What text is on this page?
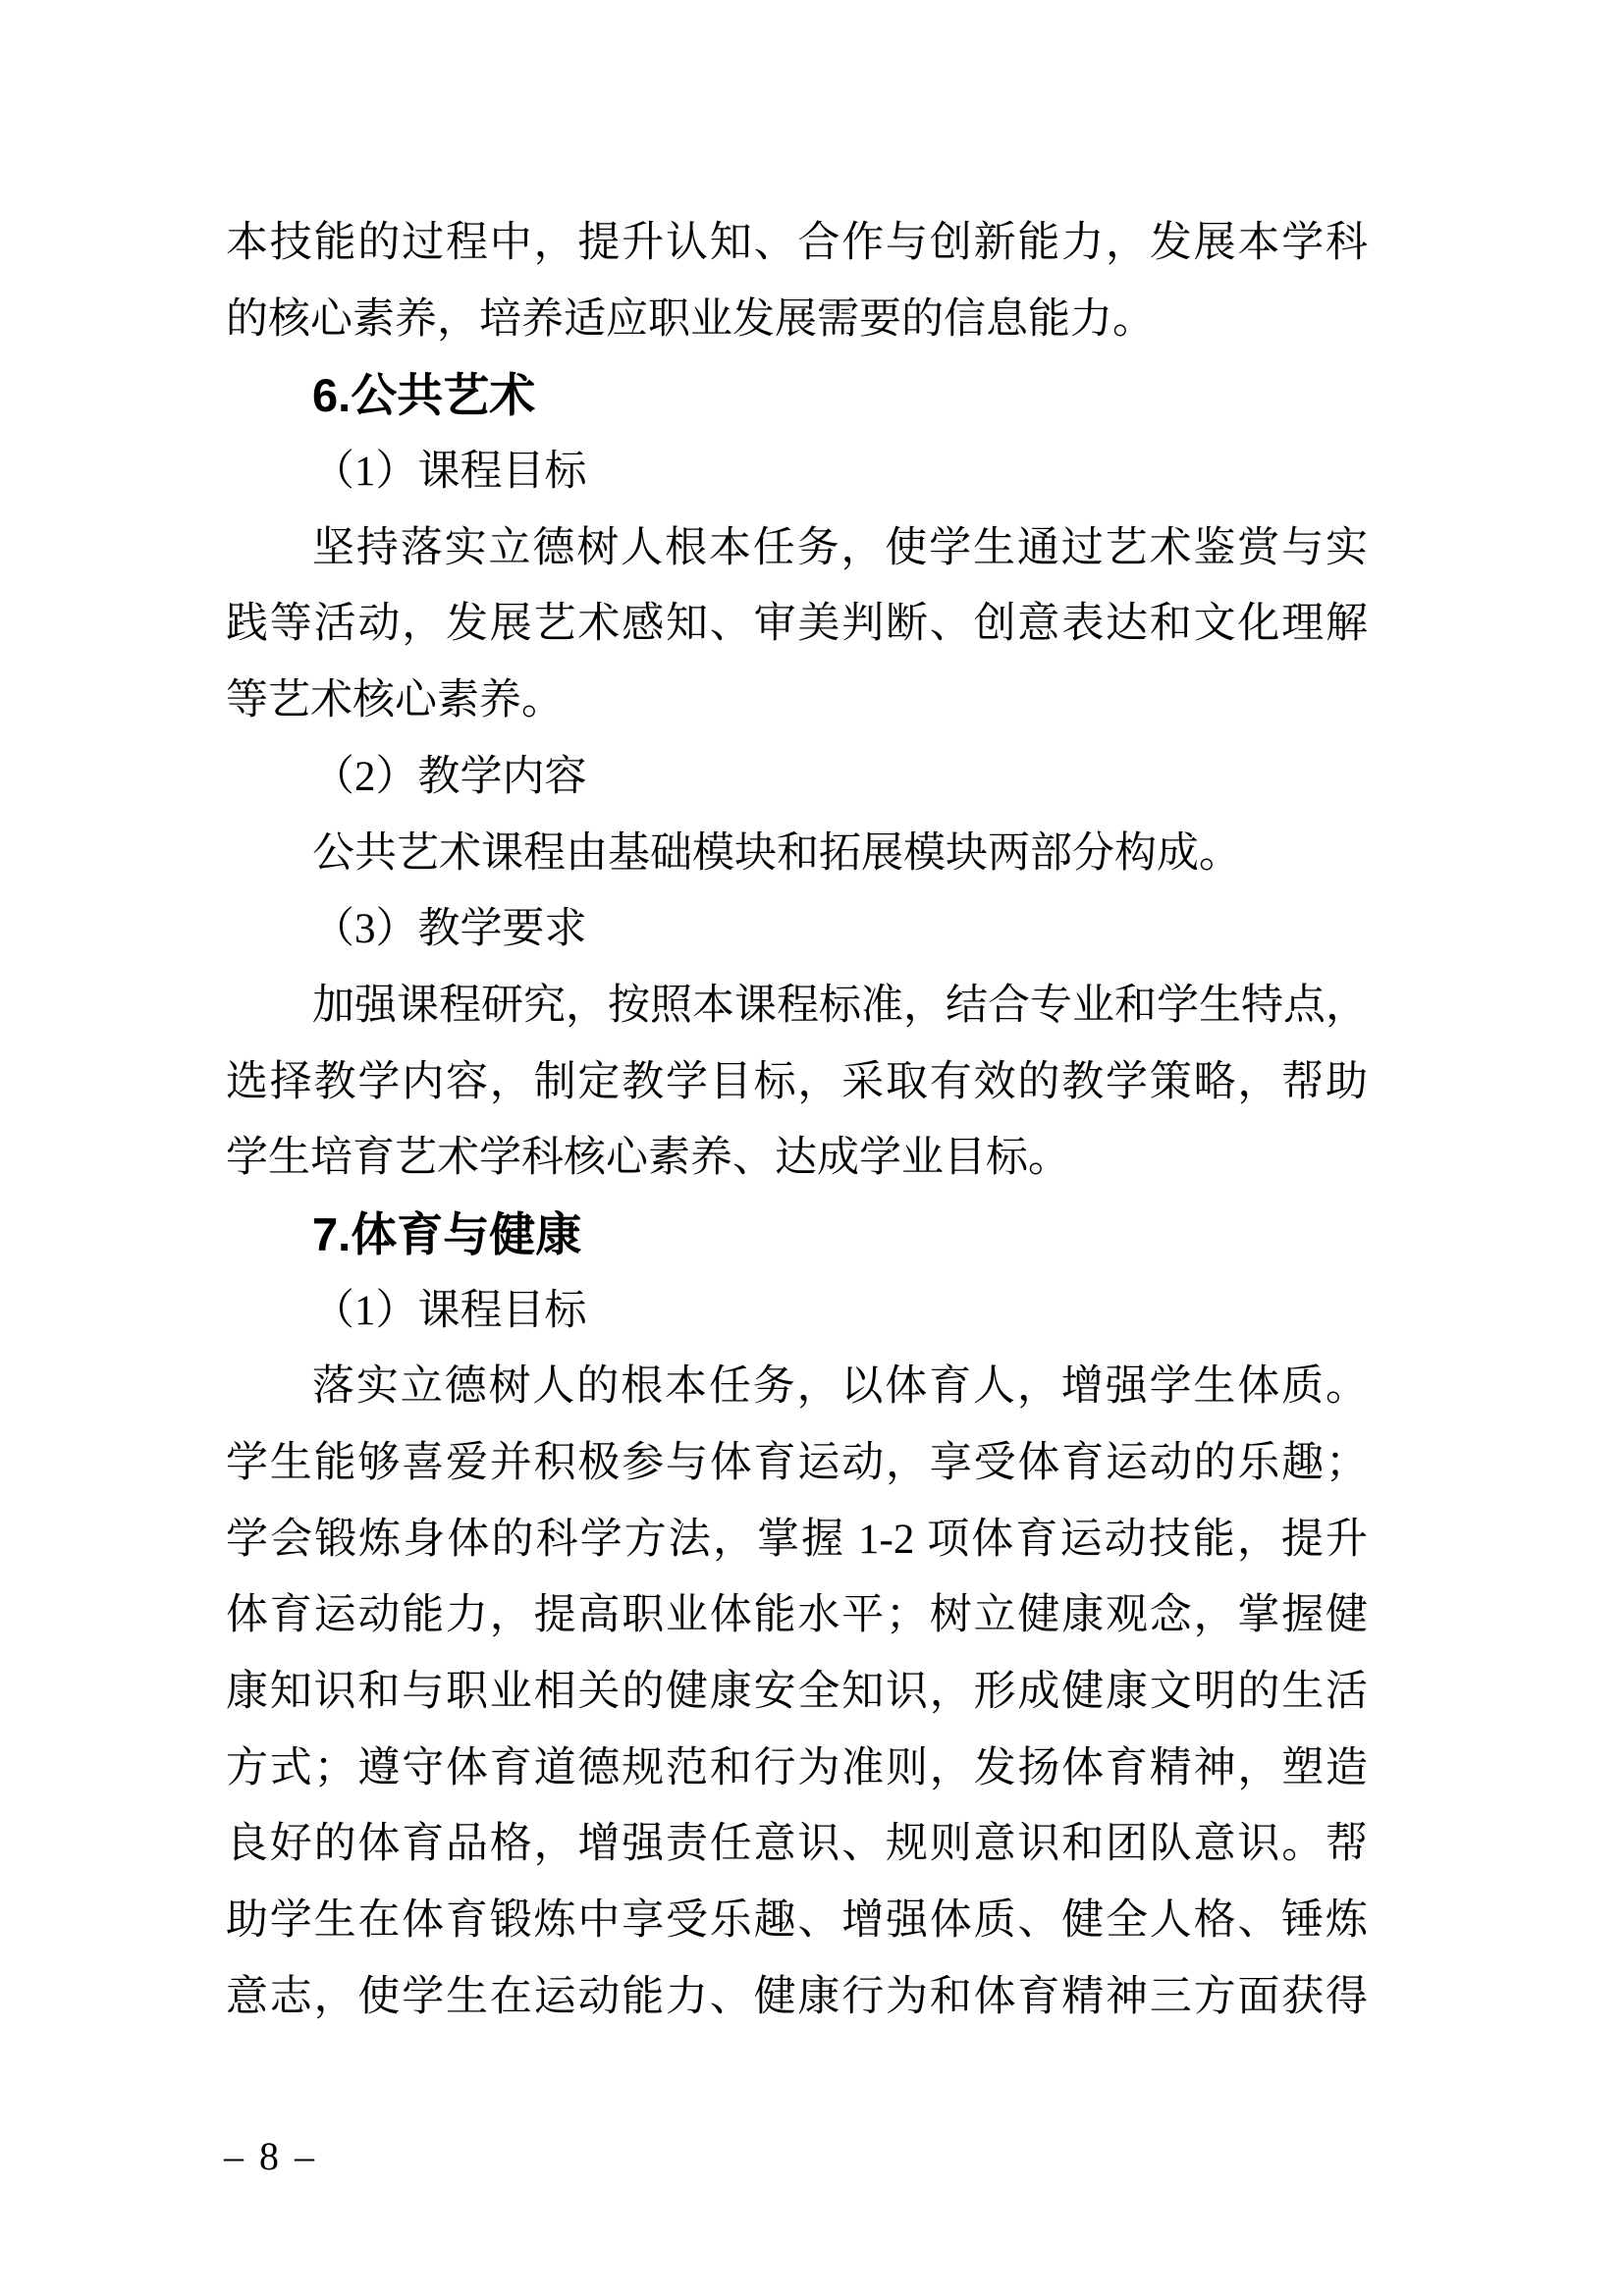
本技能的过程中，提升认知、合作与创新能力，发展本学科
的核心素养，培养适应职业发展需要的信息能力。
6.公共艺术
（1）课程目标
坚持落实立德树人根本任务，使学生通过艺术鉴赏与实
践等活动，发展艺术感知、审美判断、创意表达和文化理解
等艺术核心素养。
（2）教学内容
公共艺术课程由基础模块和拓展模块两部分构成。
（3）教学要求
加强课程研究，按照本课程标准，结合专业和学生特点，
选择教学内容，制定教学目标，采取有效的教学策略，帮助
学生培育艺术学科核心素养、达成学业目标。
7.体育与健康
（1）课程目标
落实立德树人的根本任务，以体育人，增强学生体质。
学生能够喜爱并积极参与体育运动，享受体育运动的乐趣；
学会锻炼身体的科学方法，掌握 1-2 项体育运动技能，提升
体育运动能力，提高职业体能水平；树立健康观念，掌握健
康知识和与职业相关的健康安全知识，形成健康文明的生活
方式；遵守体育道德规范和行为准则，发扬体育精神，塑造
良好的体育品格，增强责任意识、规则意识和团队意识。帮
助学生在体育锻炼中享受乐趣、增强体质、健全人格、锤炼
意志，使学生在运动能力、健康行为和体育精神三方面获得
– 8 –
